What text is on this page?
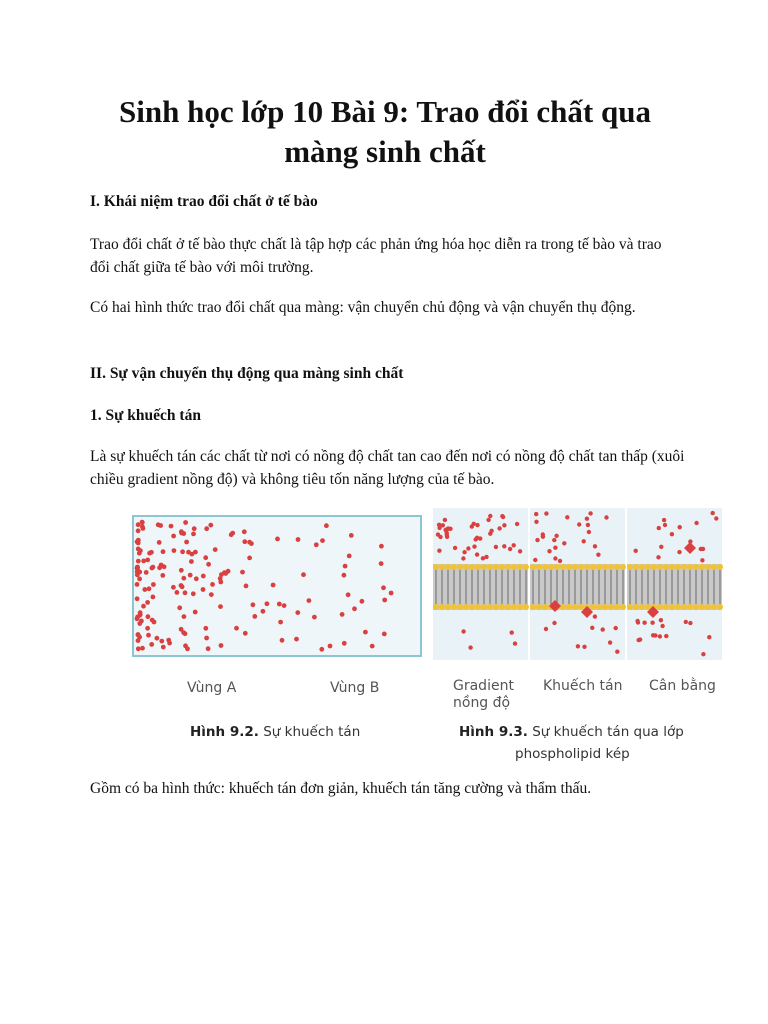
Sinh học lớp 10 Bài 9: Trao đổi chất qua
màng sinh chất
I. Khái niệm trao đổi chất ở tế bào
Trao đổi chất ở tế bào thực chất là tập hợp các phản ứng hóa học diễn ra trong tế bào và trao đổi chất giữa tế bào với môi trường.
Có hai hình thức trao đổi chất qua màng: vận chuyển chủ động và vận chuyển thụ động.
II. Sự vận chuyển thụ động qua màng sinh chất
1. Sự khuếch tán
Là sự khuếch tán các chất từ nơi có nồng độ chất tan cao đến nơi có nồng độ chất tan thấp (xuôi chiều gradient nồng độ) và không tiêu tốn năng lượng của tế bào.
Vùng A	Vùng B	Gradient
nồng độ
Khuếch tán Cân bằng
Hình 9.2. Sự khuếch tán	Hình 9.3. Sự khuếch tán qua lớp
phospholipid kép
Gồm có ba hình thức: khuếch tán đơn giản, khuếch tán tăng cường và thẩm thấu.
